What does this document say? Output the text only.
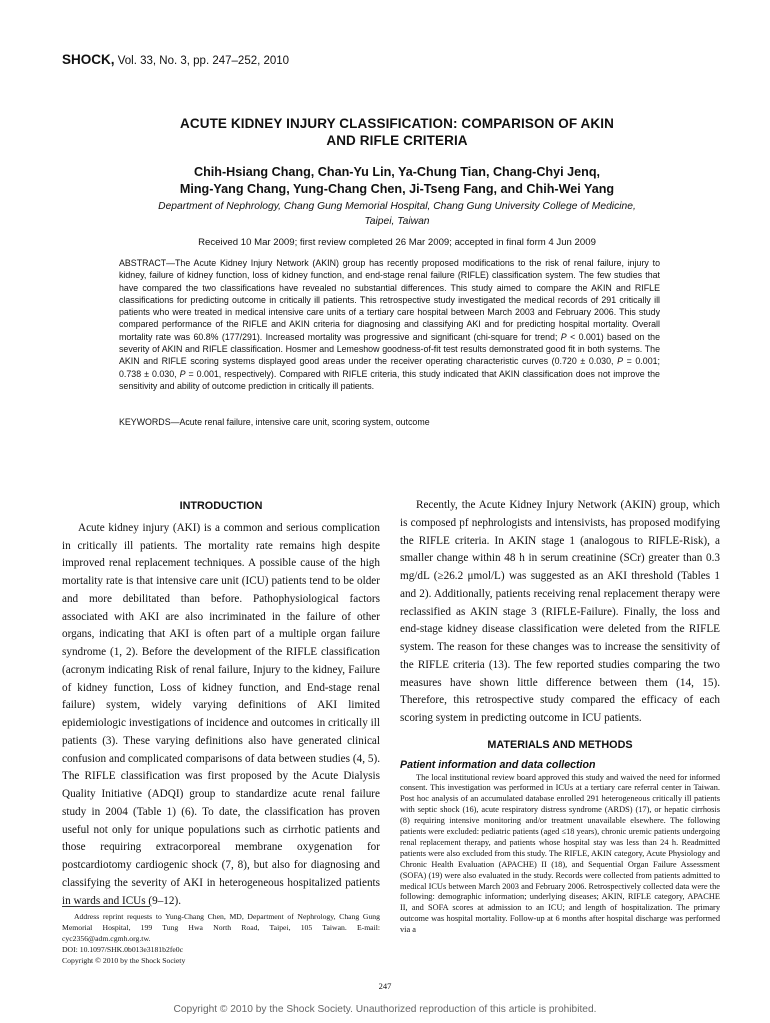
SHOCK, Vol. 33, No. 3, pp. 247–252, 2010
ACUTE KIDNEY INJURY CLASSIFICATION: COMPARISON OF AKIN
AND RIFLE CRITERIA
Chih-Hsiang Chang, Chan-Yu Lin, Ya-Chung Tian, Chang-Chyi Jenq,
Ming-Yang Chang, Yung-Chang Chen, Ji-Tseng Fang, and Chih-Wei Yang
Department of Nephrology, Chang Gung Memorial Hospital, Chang Gung University College of Medicine,
Taipei, Taiwan
Received 10 Mar 2009; first review completed 26 Mar 2009; accepted in final form 4 Jun 2009
ABSTRACT—The Acute Kidney Injury Network (AKIN) group has recently proposed modifications to the risk of renal failure, injury to kidney, failure of kidney function, loss of kidney function, and end-stage renal failure (RIFLE) classification system. The few studies that have compared the two classifications have revealed no substantial differences. This study aimed to compare the AKIN and RIFLE classifications for predicting outcome in critically ill patients. This retrospective study investigated the medical records of 291 critically ill patients who were treated in medical intensive care units of a tertiary care hospital between March 2003 and February 2006. This study compared performance of the RIFLE and AKIN criteria for diagnosing and classifying AKI and for predicting hospital mortality. Overall mortality rate was 60.8% (177/291). Increased mortality was progressive and significant (chi-square for trend; P < 0.001) based on the severity of AKIN and RIFLE classification. Hosmer and Lemeshow goodness-of-fit test results demonstrated good fit in both systems. The AKIN and RIFLE scoring systems displayed good areas under the receiver operating characteristic curves (0.720 ± 0.030, P = 0.001; 0.738 ± 0.030, P = 0.001, respectively). Compared with RIFLE criteria, this study indicated that AKIN classification does not improve the sensitivity and ability of outcome prediction in critically ill patients.
KEYWORDS—Acute renal failure, intensive care unit, scoring system, outcome
INTRODUCTION

Acute kidney injury (AKI) is a common and serious complication in critically ill patients. The mortality rate remains high despite improved renal replacement techniques. A possible cause of the high mortality rate is that intensive care unit (ICU) patients tend to be older and more debilitated than before. Pathophysiological factors associated with AKI are also incriminated in the failure of other organs, indicating that AKI is often part of a multiple organ failure syndrome (1, 2). Before the development of the RIFLE classification (acronym indicating Risk of renal failure, Injury to the kidney, Failure of kidney function, Loss of kidney function, and End-stage renal failure) system, widely varying definitions of AKI limited epidemiologic investigations of incidence and outcomes in critically ill patients (3). These varying definitions also have generated clinical confusion and complicated comparisons of data between studies (4, 5). The RIFLE classification was first proposed by the Acute Dialysis Quality Initiative (ADQI) group to standardize acute renal failure study in 2004 (Table 1) (6). To date, the classification has proven useful not only for unique populations such as cirrhotic patients and those requiring extracorporeal membrane oxygenation for postcardiotomy cardiogenic shock (7, 8), but also for diagnosing and classifying the severity of AKI in heterogeneous hospitalized patients in wards and ICUs (9–12).

Recently, the Acute Kidney Injury Network (AKIN) group, which is composed pf nephrologists and intensivists, has proposed modifying the RIFLE criteria. In AKIN stage 1 (analogous to RIFLE-Risk), a smaller change within 48 h in serum creatinine (SCr) greater than 0.3 mg/dL (≥26.2 μmol/L) was suggested as an AKI threshold (Tables 1 and 2). Additionally, patients receiving renal replacement therapy were reclassified as AKIN stage 3 (RIFLE-Failure). Finally, the loss and end-stage kidney disease classification were deleted from the RIFLE system. The reason for these changes was to increase the sensitivity of the RIFLE criteria (13). The few reported studies comparing the two measures have shown little difference between them (14, 15). Therefore, this retrospective study compared the efficacy of each scoring system in predicting outcome in ICU patients.

MATERIALS AND METHODS
Patient information and data collection

The local institutional review board approved this study and waived the need for informed consent. This investigation was performed in ICUs at a tertiary care referral center in Taiwan. Post hoc analysis of an accumulated database enrolled 291 heterogeneous critically ill patients with septic shock (16), acute respiratory distress syndrome (ARDS) (17), or hepatic cirrhosis (8) requiring intensive monitoring and/or treatment unavailable elsewhere. The following patients were excluded: pediatric patients (aged ≤18 years), chronic uremic patients undergoing renal replacement therapy, and patients whose hospital stay was less than 24 h. Readmitted patients were also excluded from this study. The RIFLE, AKIN category, Acute Physiology and Chronic Health Evaluation (APACHE) II (18), and Sequential Organ Failure Assessment (SOFA) (19) were also evaluated in the study. Records were collected from patients admitted to medical ICUs between March 2003 and February 2006. Retrospectively collected data were the following: demographic information; underlying diseases; AKIN, RIFLE category, APACHE II, and SOFA scores at admission to an ICU; and length of hospitalization. The primary outcome was hospital mortality. Follow-up at 6 months after hospital discharge was performed via a

Address reprint requests to Yung-Chang Chen, MD, Department of Nephrology, Chang Gung Memorial Hospital, 199 Tung Hwa North Road, Taipei, 105 Taiwan. E-mail: cyc2356@adm.cgmh.org.tw.

DOI: 10.1097/SHK.0b013e3181b2fe0c

Copyright © 2010 by the Shock Society

247
Copyright © 2010 by the Shock Society. Unauthorized reproduction of this article is prohibited.
